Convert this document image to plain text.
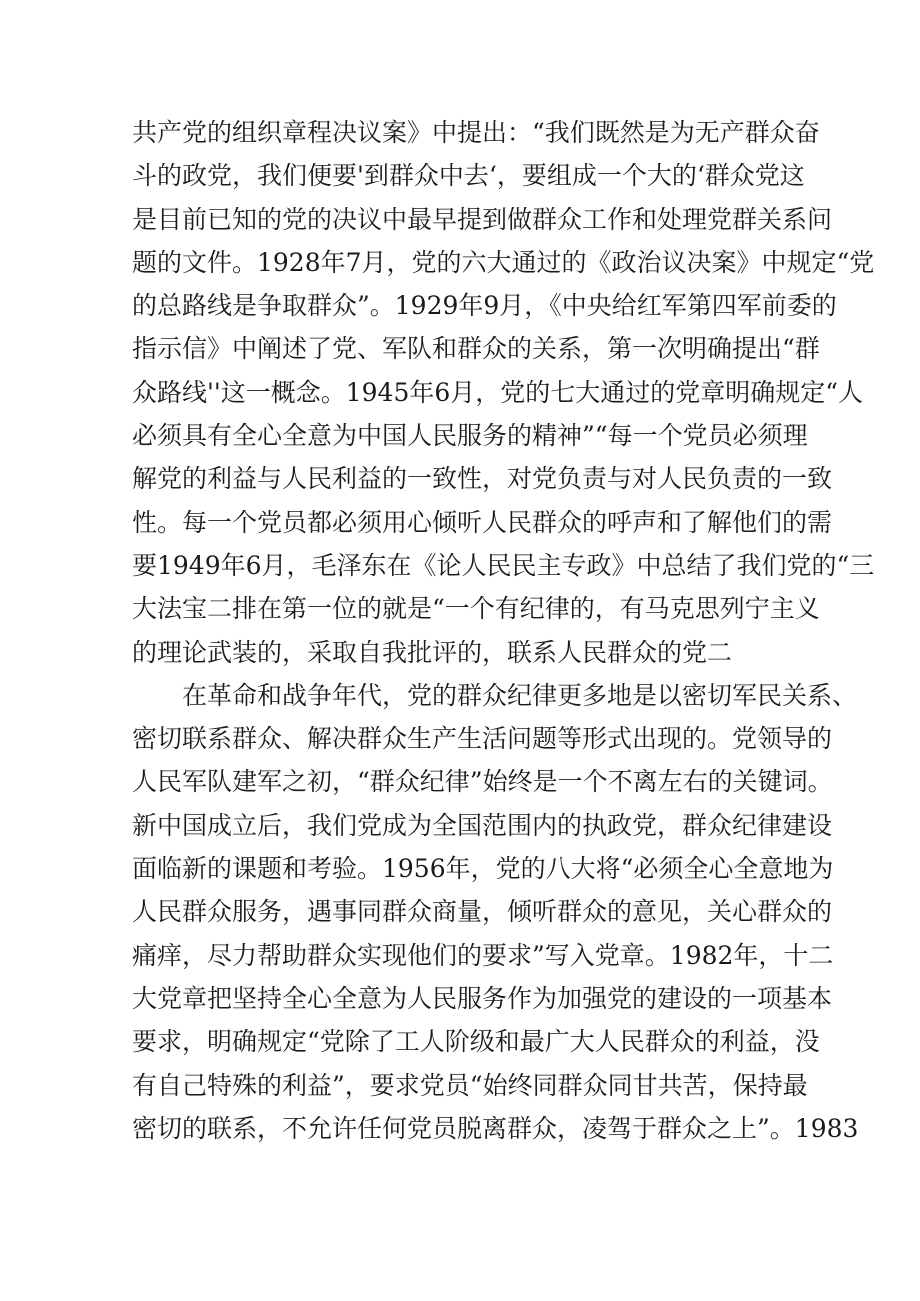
共产党的组织章程决议案》中提出：“我们既然是为无产群众奋
斗的政党，我们便要'到群众中去‘，要组成一个大的‘群众党这
是目前已知的党的决议中最早提到做群众工作和处理党群关系问
题的文件。1928年7月，党的六大通过的《政治议决案》中规定“党
的总路线是争取群众”。1929年9月，《中央给红军第四军前委的
指示信》中阐述了党、军队和群众的关系，第一次明确提出“群
众路线''这一概念。1945年6月，党的七大通过的党章明确规定“人
必须具有全心全意为中国人民服务的精神”“每一个党员必须理
解党的利益与人民利益的一致性，对党负责与对人民负责的一致
性。每一个党员都必须用心倾听人民群众的呼声和了解他们的需
要1949年6月，毛泽东在《论人民民主专政》中总结了我们党的“三
大法宝二排在第一位的就是“一个有纪律的，有马克思列宁主义
的理论武装的，采取自我批评的，联系人民群众的党二
在革命和战争年代，党的群众纪律更多地是以密切军民关系、
密切联系群众、解决群众生产生活问题等形式出现的。党领导的
人民军队建军之初，“群众纪律”始终是一个不离左右的关键词。
新中国成立后，我们党成为全国范围内的执政党，群众纪律建设
面临新的课题和考验。1956年，党的八大将“必须全心全意地为
人民群众服务，遇事同群众商量，倾听群众的意见，关心群众的
痛痒，尽力帮助群众实现他们的要求”写入党章。1982年，十二
大党章把坚持全心全意为人民服务作为加强党的建设的一项基本
要求，明确规定“党除了工人阶级和最广大人民群众的利益，没
有自己特殊的利益”，要求党员“始终同群众同甘共苦，保持最
密切的联系，不允许任何党员脱离群众，凌驾于群众之上”。1983
